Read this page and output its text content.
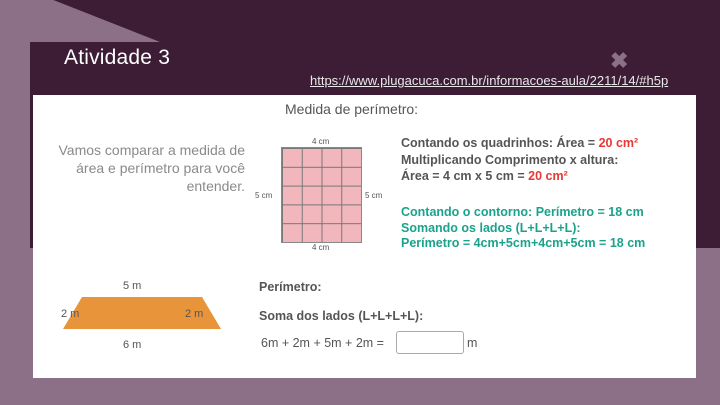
Atividade 3	✖
https://www.plugacuca.com.br/informacoes-aula/2211/14/#h5p
Medida de perímetro:
Vamos comparar a medida de área e perímetro para você entender.
4 cm
5 cm	5 cm
4 cm
Contando os quadrinhos: Área = 20 cm²
Multiplicando Comprimento x altura:
Área = 4 cm x 5 cm = 20 cm²
Contando o contorno: Perímetro = 18 cm
Somando os lados (L+L+L+L):
Perímetro = 4cm+5cm+4cm+5cm = 18 cm
5 m
2 m	2 m
6 m
Perímetro:
Soma dos lados (L+L+L+L):
6m + 2m + 5m + 2m =	m
